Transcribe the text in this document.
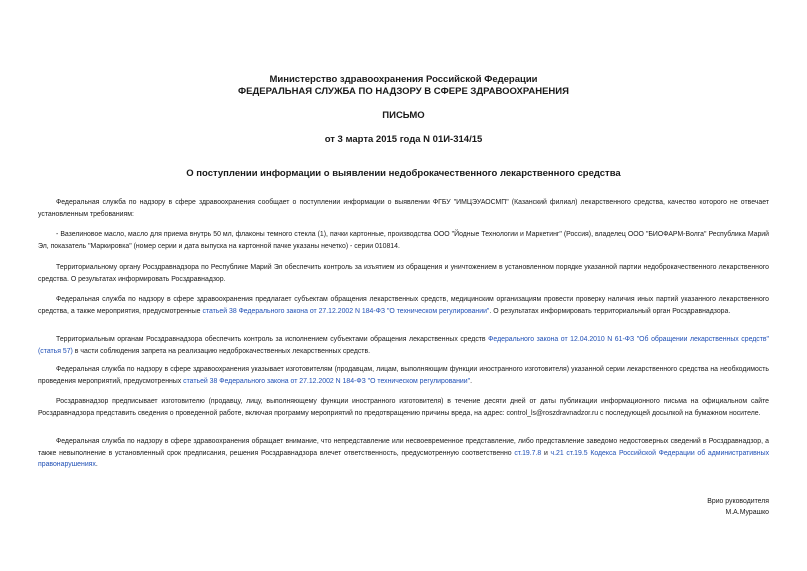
Министерство здравоохранения Российской Федерации
ФЕДЕРАЛЬНАЯ СЛУЖБА ПО НАДЗОРУ В СФЕРЕ ЗДРАВООХРАНЕНИЯ
ПИСЬМО
от 3 марта 2015 года N 01И-314/15
О поступлении информации о выявлении недоброкачественного лекарственного средства
Федеральная служба по надзору в сфере здравоохранения сообщает о поступлении информации о выявлении ФГБУ "ИМЦЭУАОСМП" (Казанский филиал) лекарственного средства, качество которого не отвечает установленным требованиям:
- Вазелиновое масло, масло для приема внутрь 50 мл, флаконы темного стекла (1), пачки картонные, производства ООО "Йодные Технологии и Маркетинг" (Россия), владелец ООО "БИОФАРМ-Волга" Республика Марий Эл, показатель "Маркировка" (номер серии и дата выпуска на картонной пачке указаны нечетко) - серии 010814.
Территориальному органу Росздравнадзора по Республике Марий Эл обеспечить контроль за изъятием из обращения и уничтожением в установленном порядке указанной партии недоброкачественного лекарственного средства. О результатах информировать Росздравнадзор.
Федеральная служба по надзору в сфере здравоохранения предлагает субъектам обращения лекарственных средств, медицинским организациям провести проверку наличия иных партий указанного лекарственного средства, а также мероприятия, предусмотренные статьей 38 Федерального закона от 27.12.2002 N 184-ФЗ "О техническом регулировании". О результатах информировать территориальный орган Росздравнадзора.
Территориальным органам Росздравнадзора обеспечить контроль за исполнением субъектами обращения лекарственных средств Федерального закона от 12.04.2010 N 61-ФЗ "Об обращении лекарственных средств" (статья 57) в части соблюдения запрета на реализацию недоброкачественных лекарственных средств.
Федеральная служба по надзору в сфере здравоохранения указывает изготовителям (продавцам, лицам, выполняющим функции иностранного изготовителя) указанной серии лекарственного средства на необходимость проведения мероприятий, предусмотренных статьей 38 Федерального закона от 27.12.2002 N 184-ФЗ "О техническом регулировании".
Росздравнадзор предписывает изготовителю (продавцу, лицу, выполняющему функции иностранного изготовителя) в течение десяти дней от даты публикации информационного письма на официальном сайте Росздравнадзора представить сведения о проведенной работе, включая программу мероприятий по предотвращению причины вреда, на адрес: control_ls@roszdravnadzor.ru с последующей досылкой на бумажном носителе.
Федеральная служба по надзору в сфере здравоохранения обращает внимание, что непредставление или несвоевременное представление, либо представление заведомо недостоверных сведений в Росздравнадзор, а также невыполнение в установленный срок предписания, решения Росздравнадзора влечет ответственность, предусмотренную соответственно ст.19.7.8 и ч.21 ст.19.5 Кодекса Российской Федерации об административных правонарушениях.
Врио руководителя
М.А.Мурашко
